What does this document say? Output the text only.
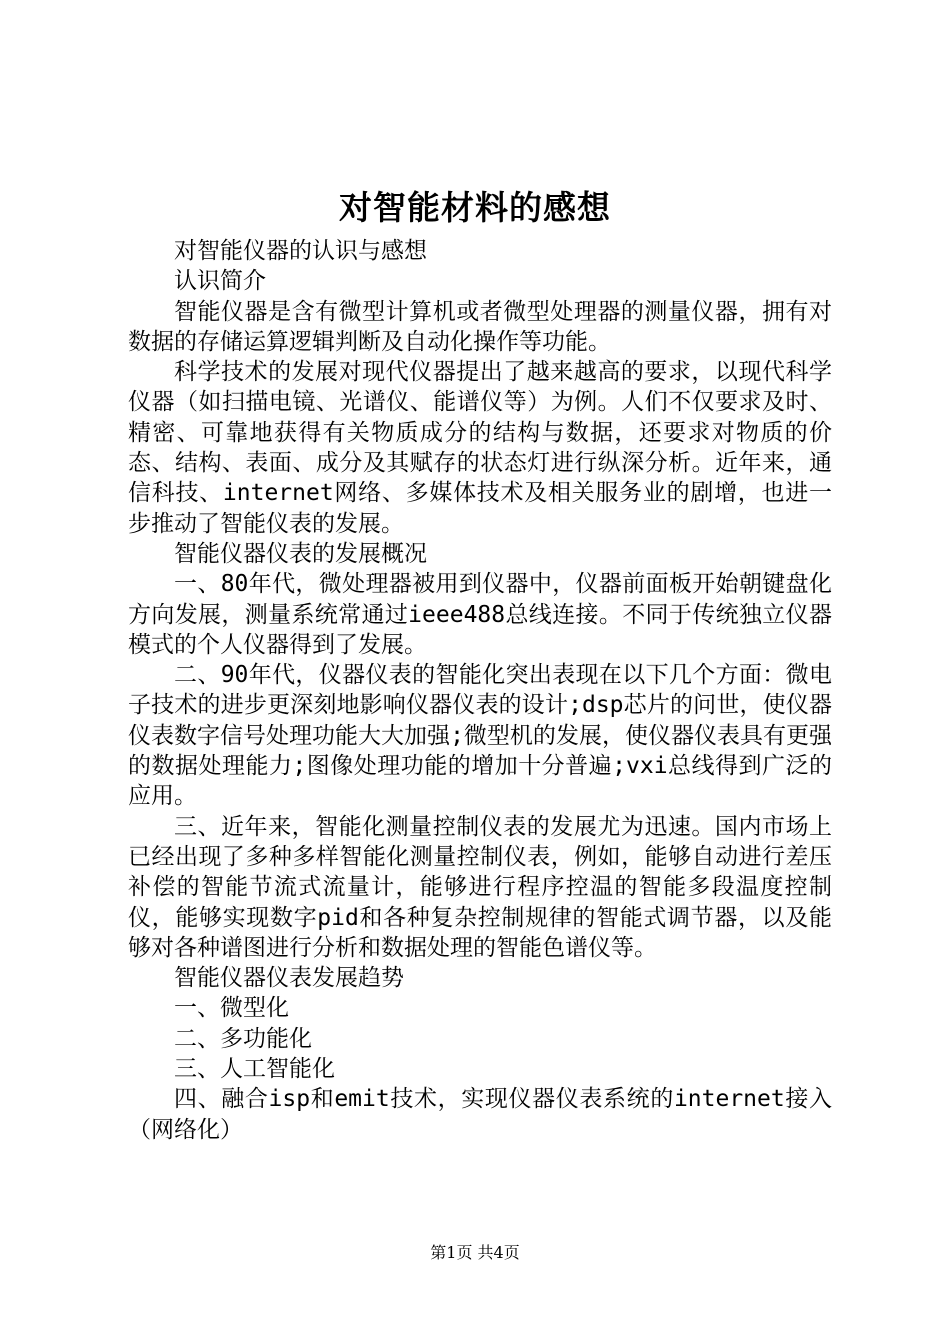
对智能材料的感想

对智能仪器的认识与感想

认识简介

智能仪器是含有微型计算机或者微型处理器的测量仪器，拥有对数据的存储运算逻辑判断及自动化操作等功能。

科学技术的发展对现代仪器提出了越来越高的要求，以现代科学仪器（如扫描电镜、光谱仪、能谱仪等）为例。人们不仅要求及时、精密、可靠地获得有关物质成分的结构与数据，还要求对物质的价态、结构、表面、成分及其赋存的状态灯进行纵深分析。近年来，通信科技、internet网络、多媒体技术及相关服务业的剧增，也进一步推动了智能仪表的发展。

智能仪器仪表的发展概况

一、80年代，微处理器被用到仪器中，仪器前面板开始朝键盘化方向发展，测量系统常通过ieee488总线连接。不同于传统独立仪器模式的个人仪器得到了发展。

二、90年代，仪器仪表的智能化突出表现在以下几个方面：微电子技术的进步更深刻地影响仪器仪表的设计;dsp芯片的问世，使仪器仪表数字信号处理功能大大加强;微型机的发展，使仪器仪表具有更强的数据处理能力;图像处理功能的增加十分普遍;vxi总线得到广泛的应用。

三、近年来，智能化测量控制仪表的发展尤为迅速。国内市场上已经出现了多种多样智能化测量控制仪表，例如，能够自动进行差压补偿的智能节流式流量计，能够进行程序控温的智能多段温度控制仪，能够实现数字pid和各种复杂控制规律的智能式调节器，以及能够对各种谱图进行分析和数据处理的智能色谱仪等。

智能仪器仪表发展趋势

一、微型化

二、多功能化

三、人工智能化

四、融合isp和emit技术，实现仪器仪表系统的internet接入（网络化）

第1页 共4页
